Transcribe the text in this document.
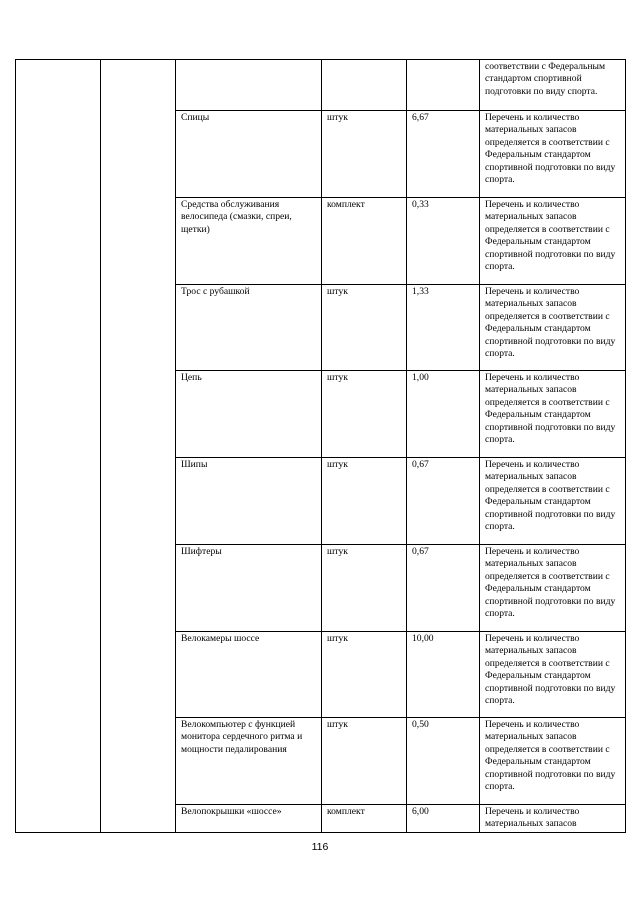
					соответствии с Федеральным стандартом спортивной подготовки по виду спорта.
		Спицы	штук	6,67	Перечень и количество материальных запасов определяется в соответствии с Федеральным стандартом спортивной подготовки по виду спорта.
		Средства обслуживания велосипеда (смазки, спреи, щетки)	комплект	0,33	Перечень и количество материальных запасов определяется в соответствии с Федеральным стандартом спортивной подготовки по виду спорта.
		Трос с рубашкой	штук	1,33	Перечень и количество материальных запасов определяется в соответствии с Федеральным стандартом спортивной подготовки по виду спорта.
		Цепь	штук	1,00	Перечень и количество материальных запасов определяется в соответствии с Федеральным стандартом спортивной подготовки по виду спорта.
		Шипы	штук	0,67	Перечень и количество материальных запасов определяется в соответствии с Федеральным стандартом спортивной подготовки по виду спорта.
		Шифтеры	штук	0,67	Перечень и количество материальных запасов определяется в соответствии с Федеральным стандартом спортивной подготовки по виду спорта.
		Велокамеры шоссе	штук	10,00	Перечень и количество материальных запасов определяется в соответствии с Федеральным стандартом спортивной подготовки по виду спорта.
		Велокомпьютер с функцией монитора сердечного ритма и мощности педалирования	штук	0,50	Перечень и количество материальных запасов определяется в соответствии с Федеральным стандартом спортивной подготовки по виду спорта.
		Велопокрышки «шоссе»	комплект	6,00	Перечень и количество материальных запасов
116
